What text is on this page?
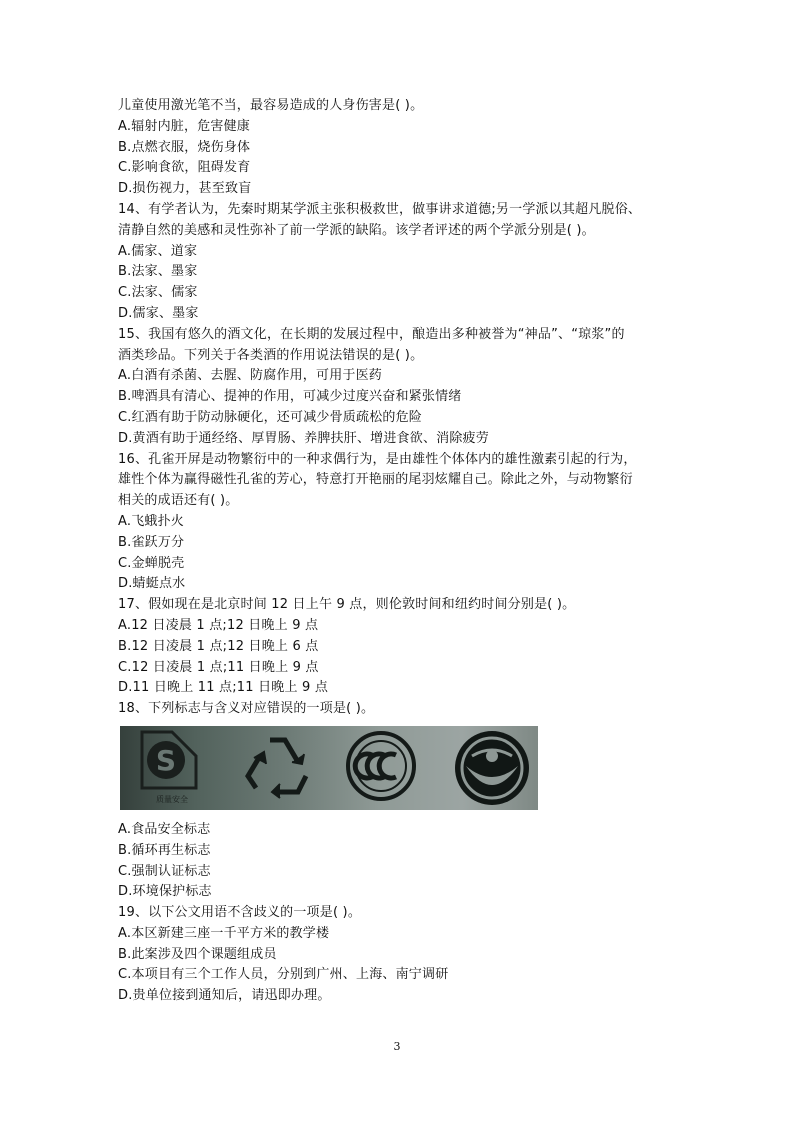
儿童使用激光笔不当，最容易造成的人身伤害是( )。
A.辐射内脏，危害健康
B.点燃衣服，烧伤身体
C.影响食欲，阻碍发育
D.损伤视力，甚至致盲
14、有学者认为，先秦时期某学派主张积极救世，做事讲求道德;另一学派以其超凡脱俗、
清静自然的美感和灵性弥补了前一学派的缺陷。该学者评述的两个学派分别是( )。
A.儒家、道家
B.法家、墨家
C.法家、儒家
D.儒家、墨家
15、我国有悠久的酒文化，在长期的发展过程中，酿造出多种被誉为“神品”、“琼浆”的
酒类珍品。下列关于各类酒的作用说法错误的是( )。
A.白酒有杀菌、去腥、防腐作用，可用于医药
B.啤酒具有清心、提神的作用，可减少过度兴奋和紧张情绪
C.红酒有助于防动脉硬化，还可减少骨质疏松的危险
D.黄酒有助于通经络、厚胃肠、养脾扶肝、增进食欲、消除疲劳
16、孔雀开屏是动物繁衍中的一种求偶行为，是由雄性个体体内的雄性激素引起的行为，
雄性个体为赢得磁性孔雀的芳心，特意打开艳丽的尾羽炫耀自己。除此之外，与动物繁衍
相关的成语还有( )。
A.飞蛾扑火
B.雀跃万分
C.金蝉脱壳
D.蜻蜓点水
17、假如现在是北京时间 12 日上午 9 点，则伦敦时间和纽约时间分别是( )。
A.12 日凌晨 1 点;12 日晚上 9 点
B.12 日凌晨 1 点;12 日晚上 6 点
C.12 日凌晨 1 点;11 日晚上 9 点
D.11 日晚上 11 点;11 日晚上 9 点
18、下列标志与含义对应错误的一项是( )。
S
质量安全
A.食品安全标志
B.循环再生标志
C.强制认证标志
D.环境保护标志
19、以下公文用语不含歧义的一项是( )。
A.本区新建三座一千平方米的教学楼
B.此案涉及四个课题组成员
C.本项目有三个工作人员，分别到广州、上海、南宁调研
D.贵单位接到通知后，请迅即办理。
3
